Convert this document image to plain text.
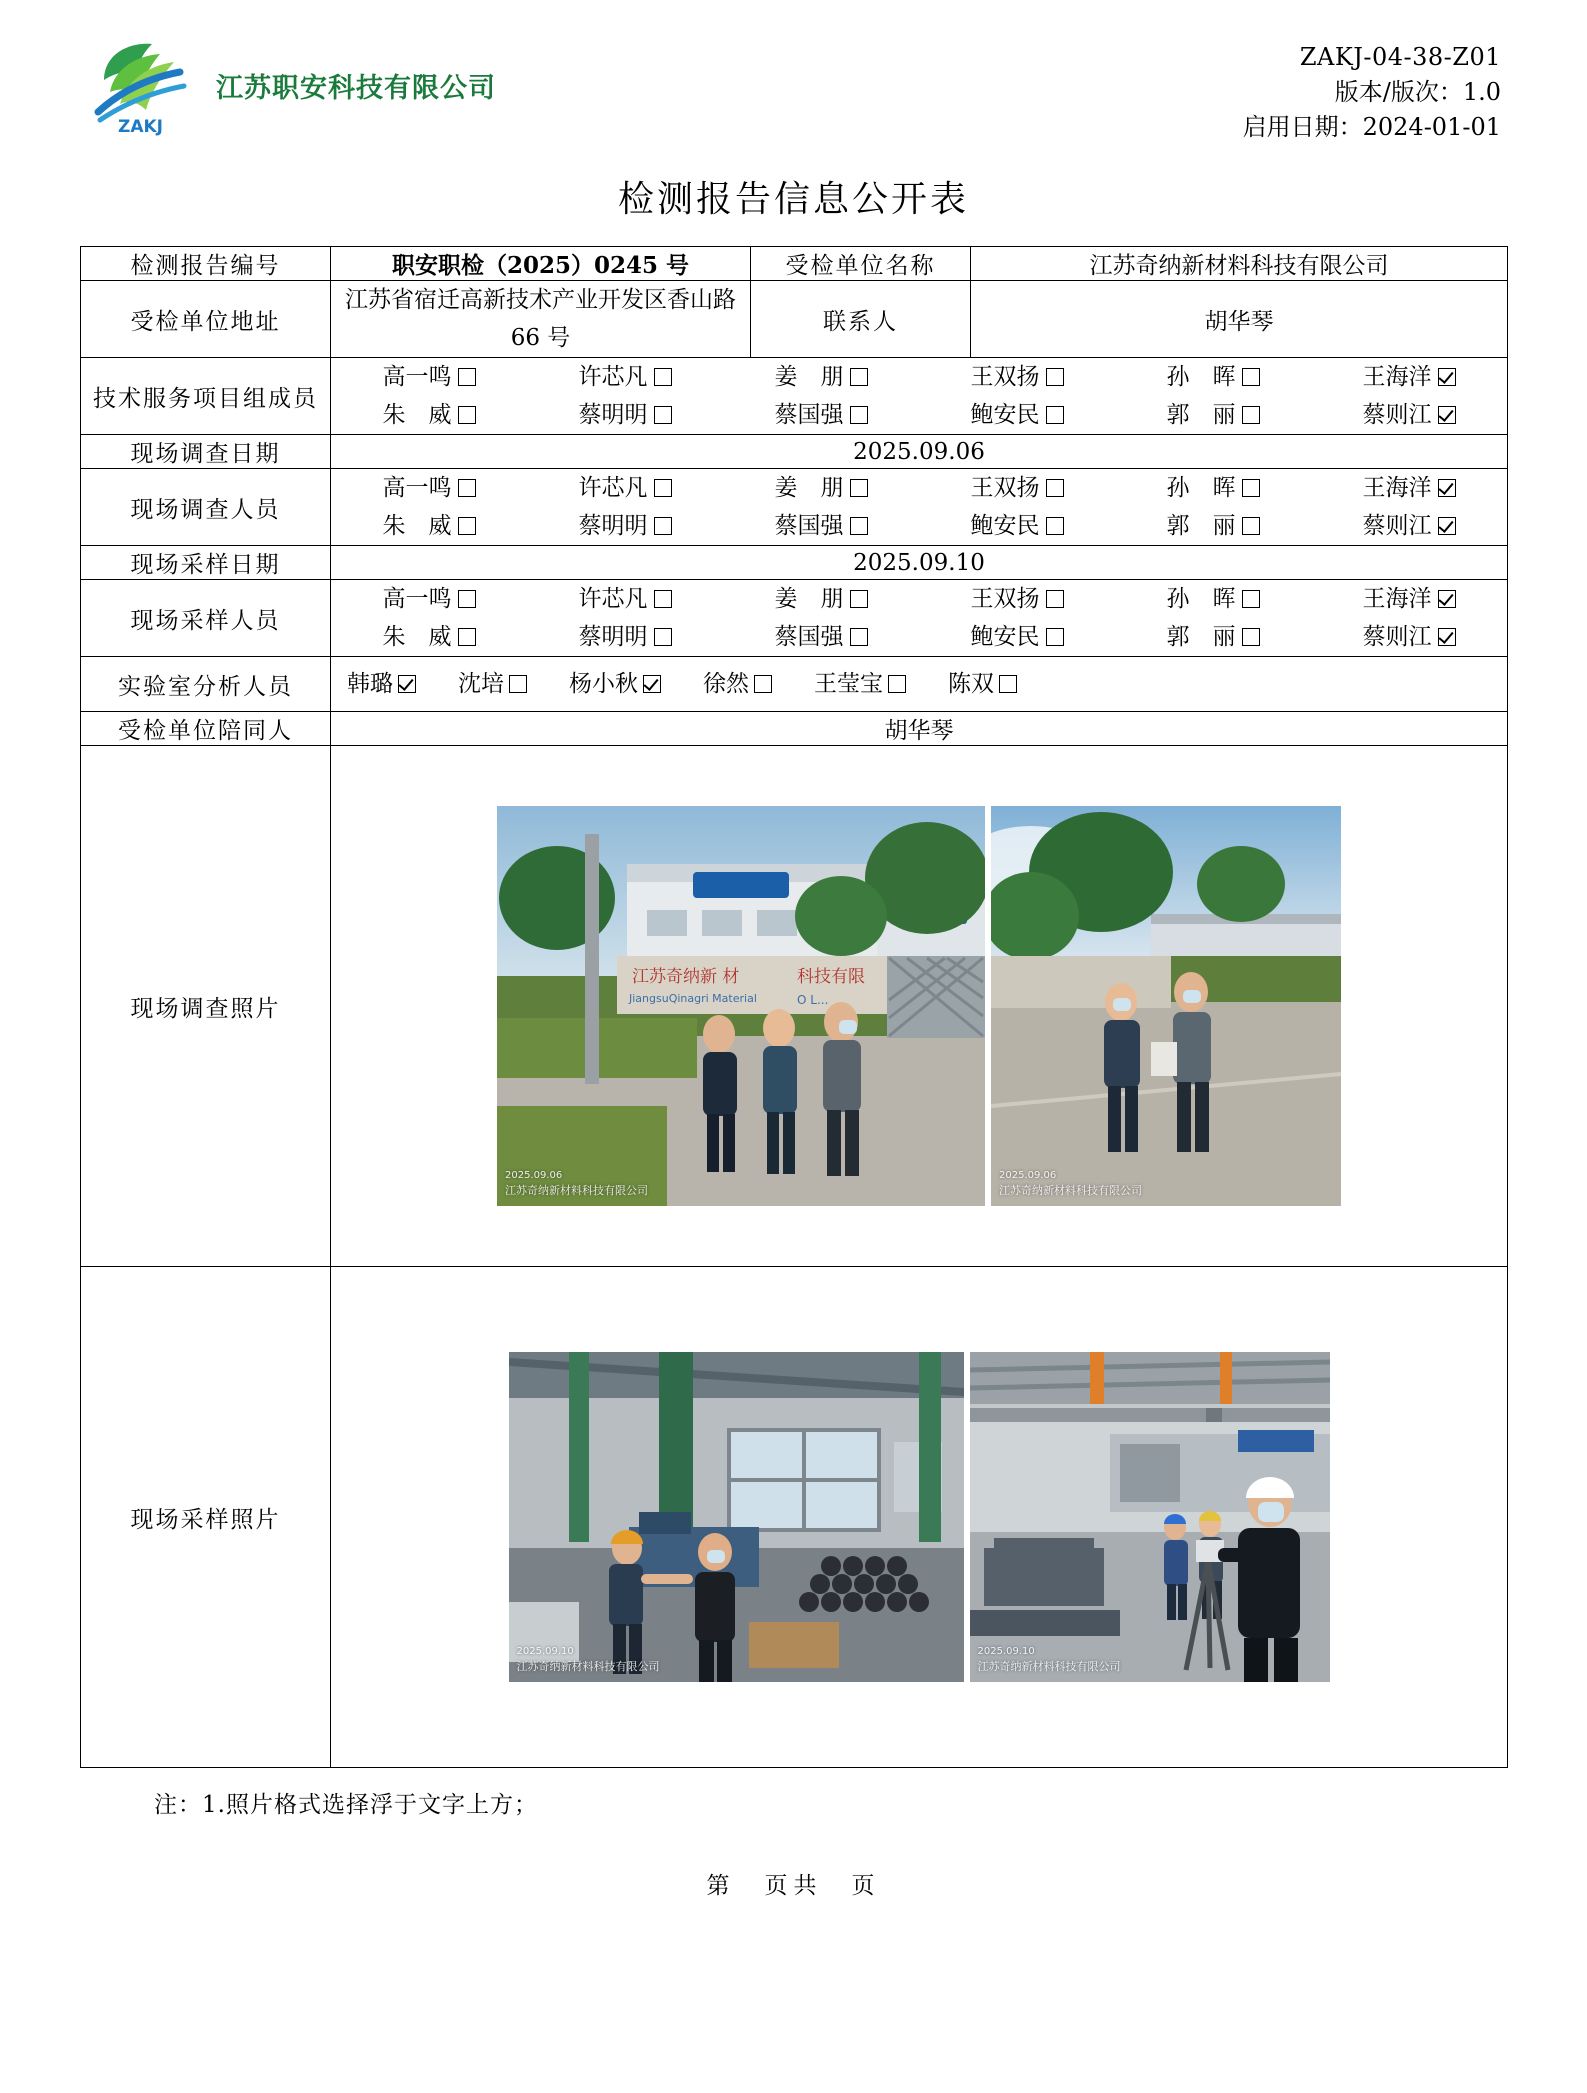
ZAKJ
江苏职安科技有限公司
ZAKJ-04-38-Z01
版本/版次：1.0
启用日期：2024-01-01
检测报告信息公开表
检测报告编号	职安职检（2025）0245 号	受检单位名称	江苏奇纳新材料科技有限公司
受检单位地址	江苏省宿迁高新技术产业开发区香山路 66 号	联系人	胡华琴
技术服务项目组成员	
高一鸣	许芯凡	姜　朋	王双扬	孙　晖	王海洋
朱　威	蔡明明	蔡国强	鲍安民	郭　丽	蔡则江

现场调查日期	2025.09.06		
现场调查人员	
高一鸣	许芯凡	姜　朋	王双扬	孙　晖	王海洋
朱　威	蔡明明	蔡国强	鲍安民	郭　丽	蔡则江

现场采样日期	2025.09.10		
现场采样人员	
高一鸣	许芯凡	姜　朋	王双扬	孙　晖	王海洋
朱　威	蔡明明	蔡国强	鲍安民	郭　丽	蔡则江

实验室分析人员	韩璐	沈培	杨小秋	徐然	王莹宝	陈双

受检单位陪同人	胡华琴		
现场调查照片	
江苏奇纳新 材	科技有限
JiangsuQinagri Material	O L...
2025.09.06
江苏奇纳新材料科技有限公司
2025.09.06
江苏奇纳新材料科技有限公司

现场采样照片	2025.09.10
江苏奇纳新材料科技有限公司
2025.09.10
江苏奇纳新材料科技有限公司		
注：1.照片格式选择浮于文字上方；
第　页共　页
